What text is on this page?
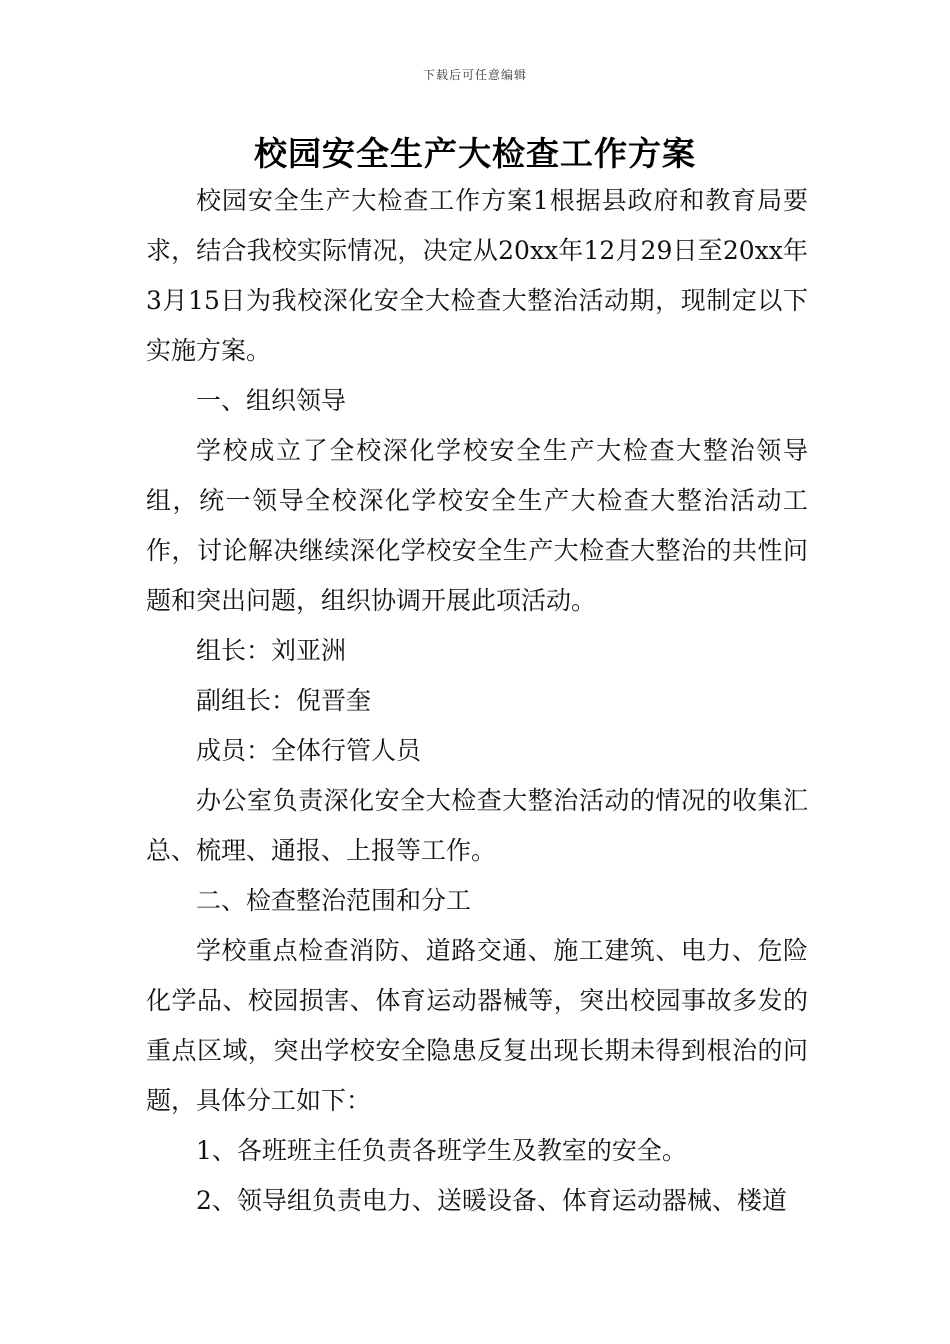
下载后可任意编辑
校园安全生产大检查工作方案

校园安全生产大检查工作方案1根据县政府和教育局要求，结合我校实际情况，决定从20xx年12月29日至20xx年3月15日为我校深化安全大检查大整治活动期，现制定以下实施方案。

一、组织领导

学校成立了全校深化学校安全生产大检查大整治领导组，统一领导全校深化学校安全生产大检查大整治活动工作，讨论解决继续深化学校安全生产大检查大整治的共性问题和突出问题，组织协调开展此项活动。

组长：刘亚洲

副组长：倪晋奎

成员：全体行管人员

办公室负责深化安全大检查大整治活动的情况的收集汇总、梳理、通报、上报等工作。

二、检查整治范围和分工

学校重点检查消防、道路交通、施工建筑、电力、危险化学品、校园损害、体育运动器械等，突出校园事故多发的重点区域，突出学校安全隐患反复出现长期未得到根治的问题，具体分工如下：

1、各班班主任负责各班学生及教室的安全。

2、领导组负责电力、送暖设备、体育运动器械、楼道
